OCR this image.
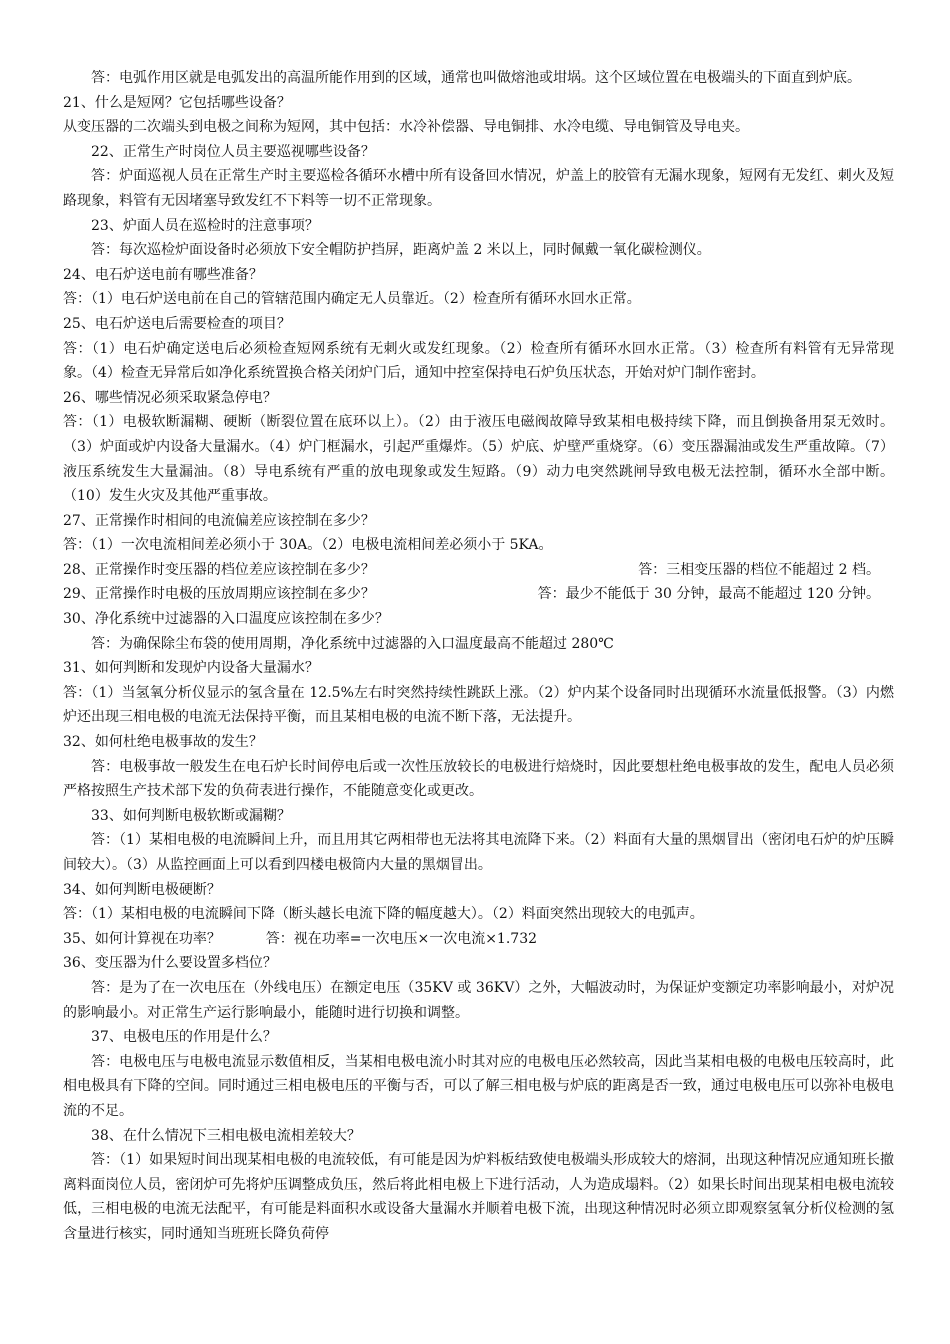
答：电弧作用区就是电弧发出的高温所能作用到的区域，通常也叫做熔池或坩埚。这个区域位置在电极端头的下面直到炉底。

21、什么是短网？它包括哪些设备？

从变压器的二次端头到电极之间称为短网，其中包括：水冷补偿器、导电铜排、水冷电缆、导电铜管及导电夹。

22、正常生产时岗位人员主要巡视哪些设备？

答：炉面巡视人员在正常生产时主要巡检各循环水槽中所有设备回水情况，炉盖上的胶管有无漏水现象，短网有无发红、刺火及短路现象，料管有无因堵塞导致发红不下料等一切不正常现象。

23、炉面人员在巡检时的注意事项？

答：每次巡检炉面设备时必须放下安全帽防护挡屏，距离炉盖 2 米以上，同时佩戴一氧化碳检测仪。

24、电石炉送电前有哪些准备？

答：（1）电石炉送电前在自己的管辖范围内确定无人员靠近。（2）检查所有循环水回水正常。

25、电石炉送电后需要检查的项目？

答：（1）电石炉确定送电后必须检查短网系统有无刺火或发红现象。（2）检查所有循环水回水正常。（3）检查所有料管有无异常现象。（4）检查无异常后如净化系统置换合格关闭炉门后，通知中控室保持电石炉负压状态，开始对炉门制作密封。

26、哪些情况必须采取紧急停电？

答：（1）电极软断漏糊、硬断（断裂位置在底环以上）。（2）由于液压电磁阀故障导致某相电极持续下降，而且倒换备用泵无效时。（3）炉面或炉内设备大量漏水。（4）炉门框漏水，引起严重爆炸。（5）炉底、炉壁严重烧穿。（6）变压器漏油或发生严重故障。（7）液压系统发生大量漏油。（8）导电系统有严重的放电现象或发生短路。（9）动力电突然跳闸导致电极无法控制，循环水全部中断。（10）发生火灾及其他严重事故。

27、正常操作时相间的电流偏差应该控制在多少？

答：（1）一次电流相间差必须小于 30A。（2）电极电流相间差必须小于 5KA。

28、正常操作时变压器的档位差应该控制在多少？	答：三相变压器的档位不能超过 2 档。
29、正常操作时电极的压放周期应该控制在多少？	答：最少不能低于 30 分钟，最高不能超过 120 分钟。

30、净化系统中过滤器的入口温度应该控制在多少？

答：为确保除尘布袋的使用周期，净化系统中过滤器的入口温度最高不能超过 280℃

31、如何判断和发现炉内设备大量漏水？

答：（1）当氢氧分析仪显示的氢含量在 12.5%左右时突然持续性跳跃上涨。（2）炉内某个设备同时出现循环水流量低报警。（3）内燃炉还出现三相电极的电流无法保持平衡，而且某相电极的电流不断下落，无法提升。

32、如何杜绝电极事故的发生？

答：电极事故一般发生在电石炉长时间停电后或一次性压放较长的电极进行焙烧时，因此要想杜绝电极事故的发生，配电人员必须严格按照生产技术部下发的负荷表进行操作，不能随意变化或更改。

33、如何判断电极软断或漏糊？

答：（1）某相电极的电流瞬间上升，而且用其它两相带也无法将其电流降下来。（2）料面有大量的黑烟冒出（密闭电石炉的炉压瞬间较大）。（3）从监控画面上可以看到四楼电极筒内大量的黑烟冒出。

34、如何判断电极硬断？

答：（1）某相电极的电流瞬间下降（断头越长电流下降的幅度越大）。（2）料面突然出现较大的电弧声。

35、如何计算视在功率？	答：视在功率=一次电压×一次电流×1.732

36、变压器为什么要设置多档位？

答：是为了在一次电压在（外线电压）在额定电压（35KV 或 36KV）之外，大幅波动时，为保证炉变额定功率影响最小，对炉况的影响最小。对正常生产运行影响最小，能随时进行切换和调整。

37、电极电压的作用是什么？

答：电极电压与电极电流显示数值相反，当某相电极电流小时其对应的电极电压必然较高，因此当某相电极的电极电压较高时，此相电极具有下降的空间。同时通过三相电极电压的平衡与否，可以了解三相电极与炉底的距离是否一致，通过电极电压可以弥补电极电流的不足。

38、在什么情况下三相电极电流相差较大？

答：（1）如果短时间出现某相电极的电流较低，有可能是因为炉料板结致使电极端头形成较大的熔洞，出现这种情况应通知班长撤离料面岗位人员，密闭炉可先将炉压调整成负压，然后将此相电极上下进行活动，人为造成塌料。（2）如果长时间出现某相电极电流较低，三相电极的电流无法配平，有可能是料面积水或设备大量漏水并顺着电极下流，出现这种情况时必须立即观察氢氧分析仪检测的氢含量进行核实，同时通知当班班长降负荷停
